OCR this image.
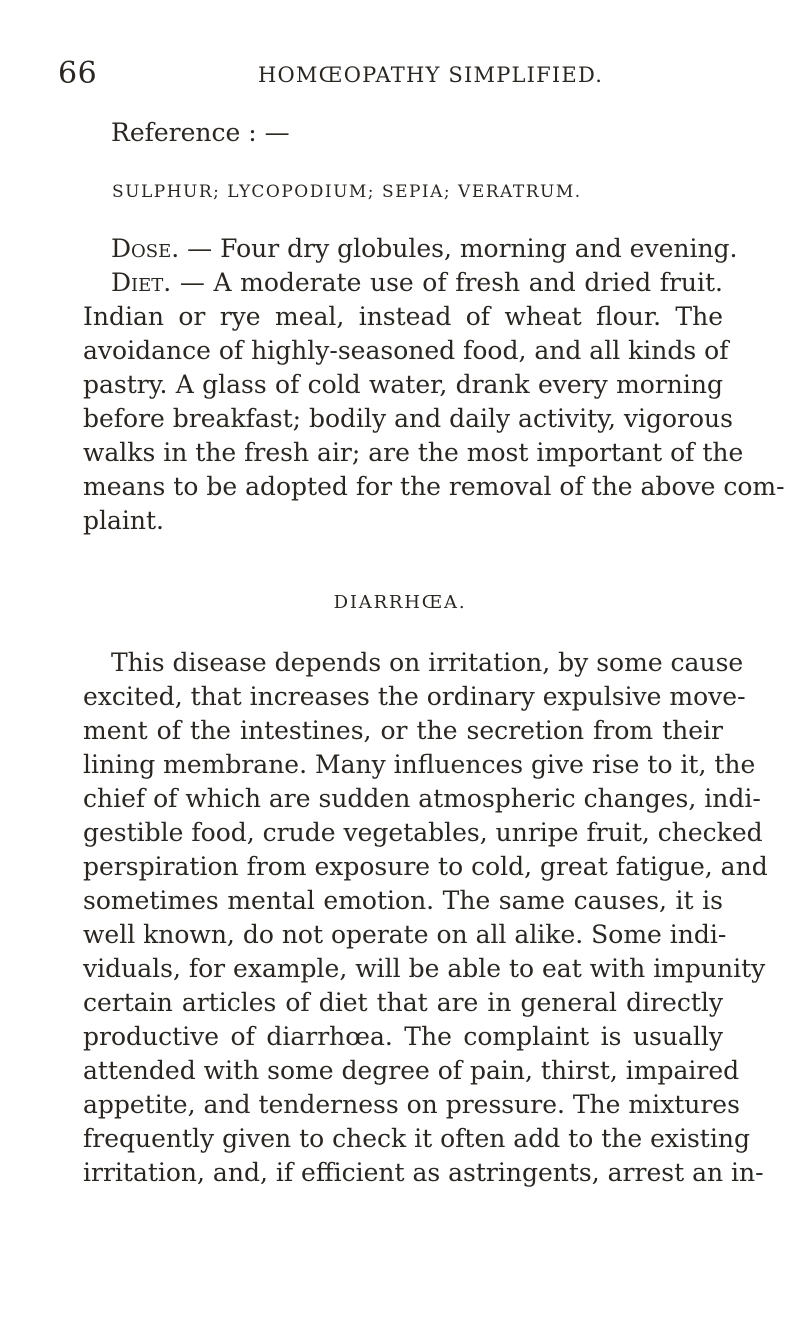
66	HOMŒOPATHY SIMPLIFIED.
Reference : —
SULPHUR; LYCOPODIUM; SEPIA; VERATRUM.
Dose. — Four dry globules, morning and evening.
Diet. — A moderate use of fresh and dried fruit.
Indian or rye meal, instead of wheat flour. The
avoidance of highly-seasoned food, and all kinds of
pastry. A glass of cold water, drank every morning
before breakfast; bodily and daily activity, vigorous
walks in the fresh air; are the most important of the
means to be adopted for the removal of the above com-
plaint.
DIARRHŒA.
This disease depends on irritation, by some cause
excited, that increases the ordinary expulsive move-
ment of the intestines, or the secretion from their
lining membrane. Many influences give rise to it, the
chief of which are sudden atmospheric changes, indi-
gestible food, crude vegetables, unripe fruit, checked
perspiration from exposure to cold, great fatigue, and
sometimes mental emotion. The same causes, it is
well known, do not operate on all alike. Some indi-
viduals, for example, will be able to eat with impunity
certain articles of diet that are in general directly
productive of diarrhœa. The complaint is usually
attended with some degree of pain, thirst, impaired
appetite, and tenderness on pressure. The mixtures
frequently given to check it often add to the existing
irritation, and, if efficient as astringents, arrest an in-
